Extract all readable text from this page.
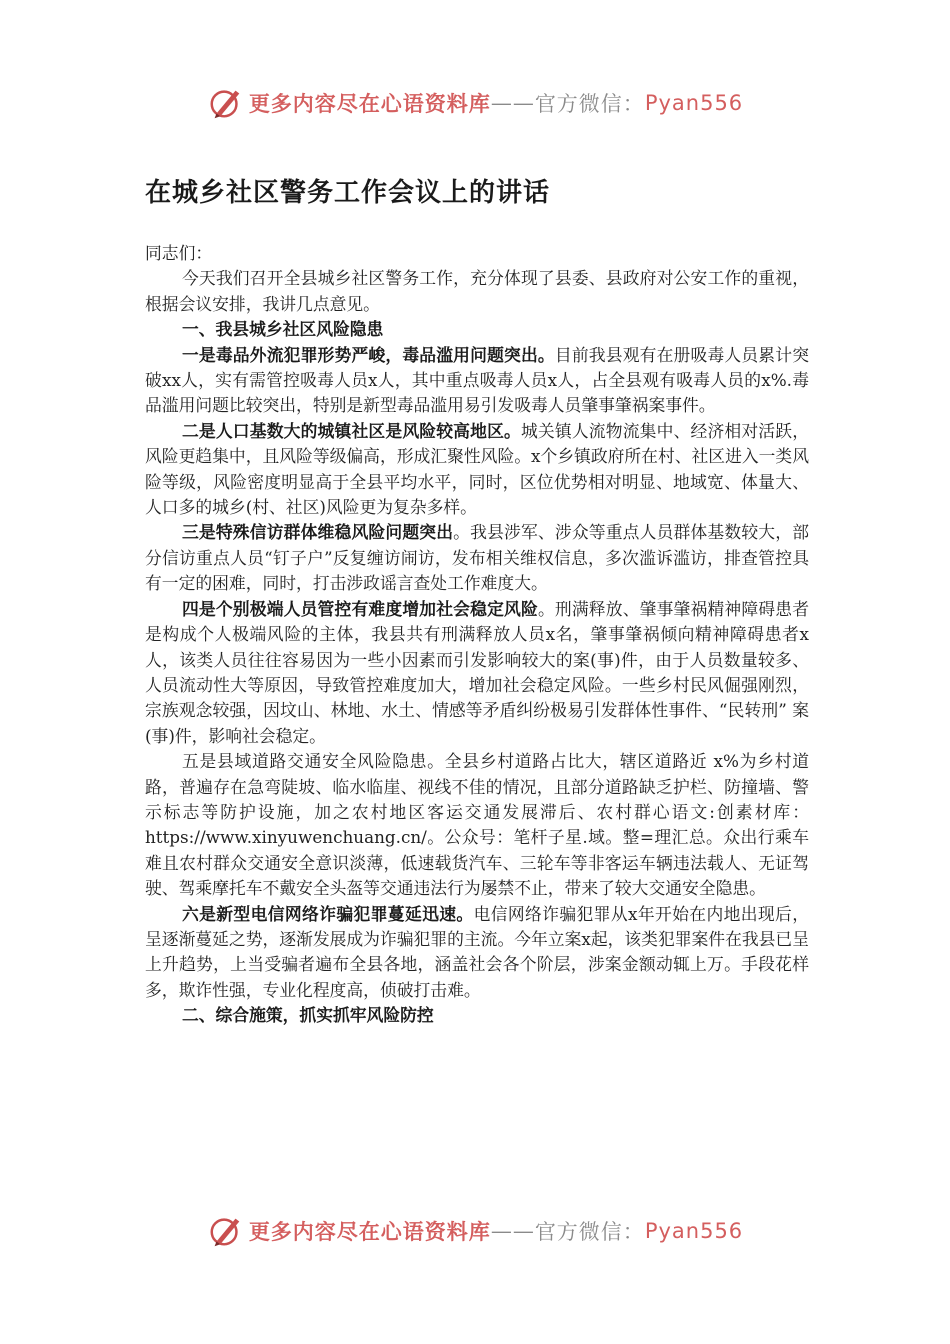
更多内容尽在心语资料库 —— 官方微信： Pyan556
在城乡社区警务工作会议上的讲话

同志们：

今天我们召开全县城乡社区警务工作，充分体现了县委、县政府对公安工作的重视，根据会议安排，我讲几点意见。

一、我县城乡社区风险隐患

一是毒品外流犯罪形势严峻，毒品滥用问题突出。目前我县观有在册吸毒人员累计突破xx人，实有需管控吸毒人员x人，其中重点吸毒人员x人，占全县观有吸毒人员的x%.毒品滥用问题比较突出，特别是新型毒品滥用易引发吸毒人员肇事肇祸案事件。

二是人口基数大的城镇社区是风险较高地区。城关镇人流物流集中、经济相对活跃，风险更趋集中，且风险等级偏高，形成汇聚性风险。x个乡镇政府所在村、社区进入一类风险等级，风险密度明显高于全县平均水平，同时，区位优势相对明显、地域宽、体量大、人口多的城乡(村、社区)风险更为复杂多样。

三是特殊信访群体维稳风险问题突出。我县涉军、涉众等重点人员群体基数较大，部分信访重点人员“钉子户”反复缠访闹访，发布相关维权信息，多次滥诉滥访，排查管控具有一定的困难，同时，打击涉政谣言查处工作难度大。

四是个别极端人员管控有难度增加社会稳定风险。刑满释放、肇事肇祸精神障碍患者是构成个人极端风险的主体，我县共有刑满释放人员x名，肇事肇祸倾向精神障碍患者x人，该类人员往往容易因为一些小因素而引发影响较大的案(事)件，由于人员数量较多、人员流动性大等原因，导致管控难度加大，增加社会稳定风险。一些乡村民风倔强刚烈，宗族观念较强，因坟山、林地、水土、情感等矛盾纠纷极易引发群体性事件、“民转刑” 案(事)件，影响社会稳定。

五是县域道路交通安全风险隐患。全县乡村道路占比大，辖区道路近 x%为乡村道路，普遍存在急弯陡坡、临水临崖、视线不佳的情况，且部分道路缺乏护栏、防撞墙、警示标志等防护设施，加之农村地区客运交通发展滞后、农村群心语文:创素材库：https://www.xinyuwenchuang.cn/。公众号：笔杆子星.域。整=理汇总。众出行乘车难且农村群众交通安全意识淡薄，低速载货汽车、三轮车等非客运车辆违法载人、无证驾驶、驾乘摩托车不戴安全头盔等交通违法行为屡禁不止，带来了较大交通安全隐患。

六是新型电信网络诈骗犯罪蔓延迅速。电信网络诈骗犯罪从x年开始在内地出现后，呈逐渐蔓延之势，逐渐发展成为诈骗犯罪的主流。今年立案x起，该类犯罪案件在我县已呈上升趋势，上当受骗者遍布全县各地，涵盖社会各个阶层，涉案金额动辄上万。手段花样多，欺诈性强，专业化程度高，侦破打击难。

二、综合施策，抓实抓牢风险防控

更多内容尽在心语资料库 —— 官方微信： Pyan556
